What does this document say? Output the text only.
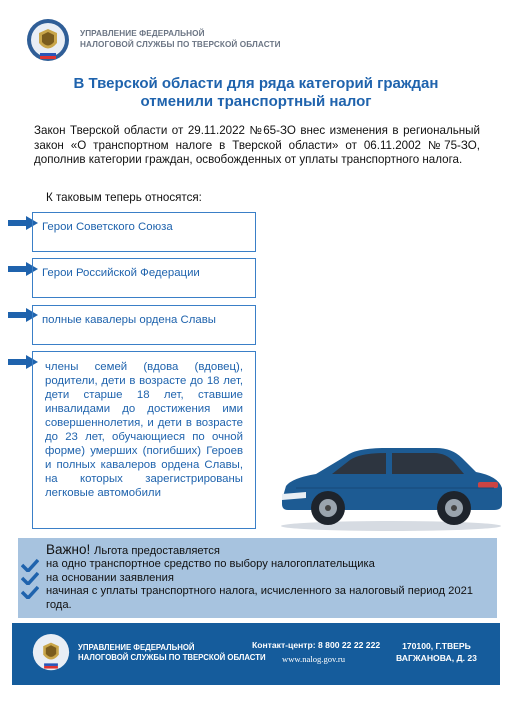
УПРАВЛЕНИЕ ФЕДЕРАЛЬНОЙ
НАЛОГОВОЙ СЛУЖБЫ ПО ТВЕРСКОЙ ОБЛАСТИ
В Тверской области для ряда категорий граждан
отменили транспортный налог
Закон Тверской области от 29.11.2022 №65-ЗО внес изменения в региональный закон «О транспортном налоге в Тверской области» от 06.11.2002 №75-ЗО, дополнив категории граждан, освобожденных от уплаты транспортного налога.
К таковым теперь относятся:
Герои Советского Союза
Герои Российской Федерации
полные кавалеры ордена Славы
члены семей (вдова (вдовец), родители, дети в возрасте до 18 лет, дети старше 18 лет, ставшие инвалидами до достижения ими совершеннолетия, и дети в возрасте до 23 лет, обучающиеся по очной форме) умерших (погибших) Героев и полных кавалеров ордена Славы, на которых зарегистрированы легковые автомобили
Важно! Льгота предоставляется
на одно транспортное средство по выбору налогоплательщика
на основании заявления
начиная с уплаты транспортного налога, исчисленного за налоговый период 2021 года.
УПРАВЛЕНИЕ ФЕДЕРАЛЬНОЙ
НАЛОГОВОЙ СЛУЖБЫ ПО ТВЕРСКОЙ ОБЛАСТИ
Контакт-центр: 8 800 22 22 222
www.nalog.gov.ru
170100, Г.ТВЕРЬ
ВАГЖАНОВА, Д. 23
